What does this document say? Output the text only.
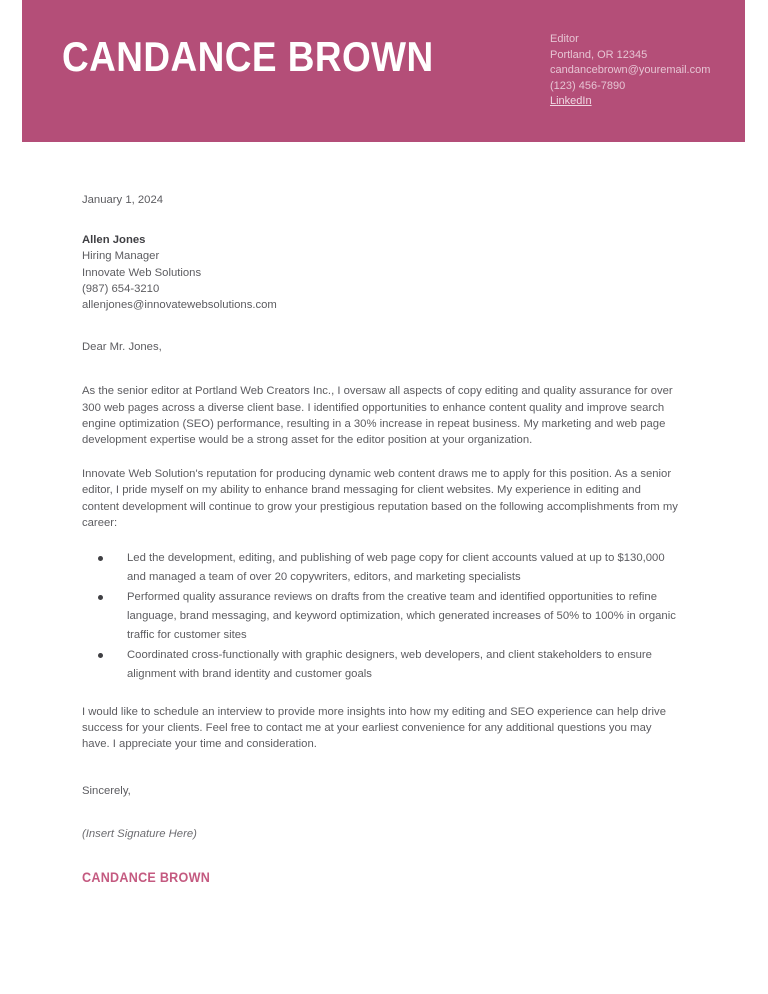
CANDANCE BROWN	Editor
Portland, OR 12345
candancebrown@youremail.com
(123) 456-7890
LinkedIn
January 1, 2024
Allen Jones
Hiring Manager
Innovate Web Solutions
(987) 654-3210
allenjones@innovatewebsolutions.com
Dear Mr. Jones,

As the senior editor at Portland Web Creators Inc., I oversaw all aspects of copy editing and quality assurance for over 300 web pages across a diverse client base. I identified opportunities to enhance content quality and improve search engine optimization (SEO) performance, resulting in a 30% increase in repeat business. My marketing and web page development expertise would be a strong asset for the editor position at your organization.

Innovate Web Solution's reputation for producing dynamic web content draws me to apply for this position. As a senior editor, I pride myself on my ability to enhance brand messaging for client websites. My experience in editing and content development will continue to grow your prestigious reputation based on the following accomplishments from my career:

Led the development, editing, and publishing of web page copy for client accounts valued at up to $130,000 and managed a team of over 20 copywriters, editors, and marketing specialists
Performed quality assurance reviews on drafts from the creative team and identified opportunities to refine language, brand messaging, and keyword optimization, which generated increases of 50% to 100% in organic traffic for customer sites
Coordinated cross-functionally with graphic designers, web developers, and client stakeholders to ensure alignment with brand identity and customer goals

I would like to schedule an interview to provide more insights into how my editing and SEO experience can help drive success for your clients. Feel free to contact me at your earliest convenience for any additional questions you may have. I appreciate your time and consideration.

Sincerely,
(Insert Signature Here)
CANDANCE BROWN
